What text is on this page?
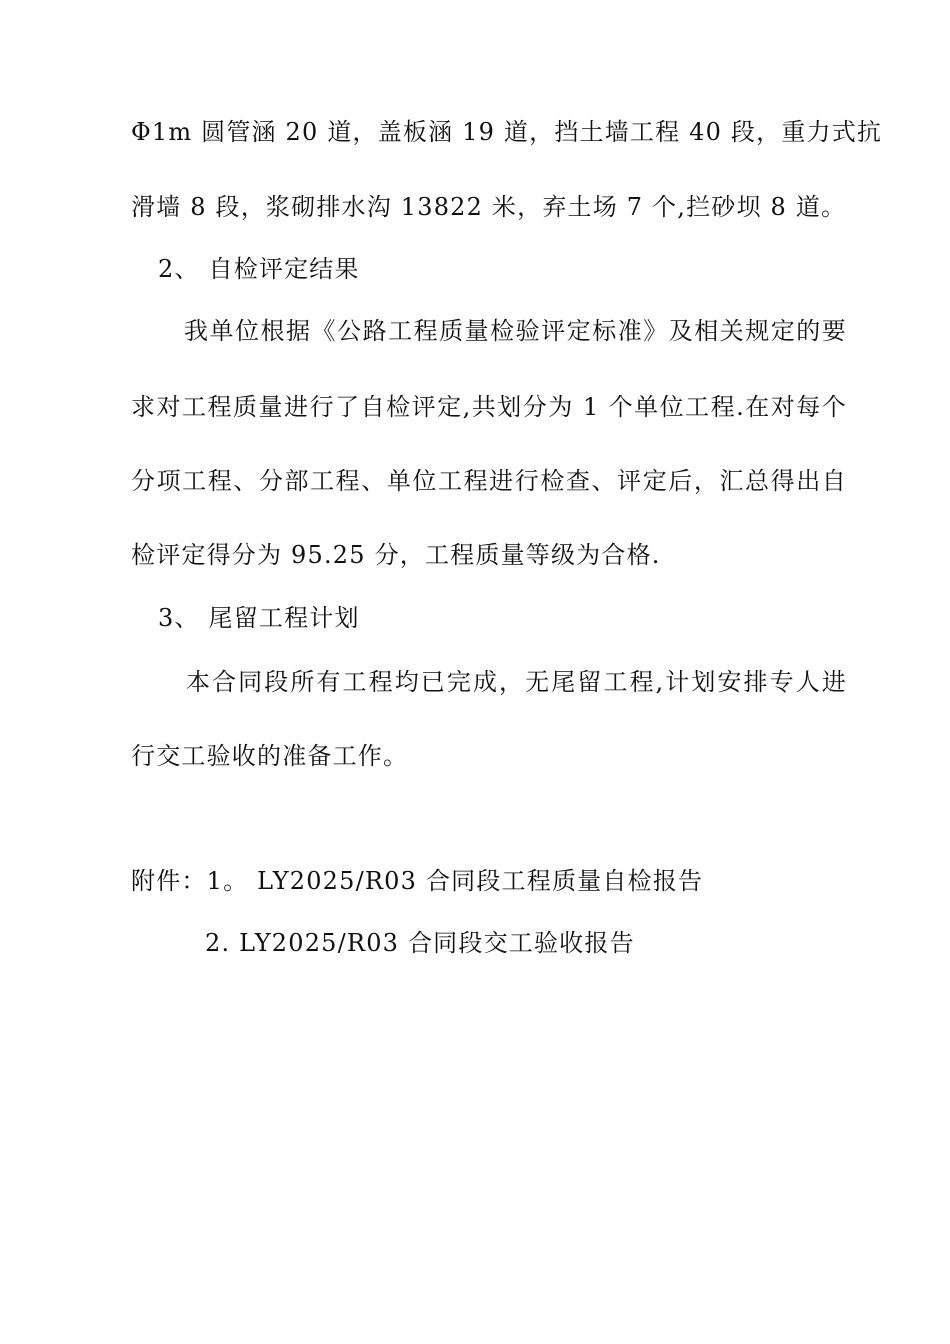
Φ1m 圆管涵 20 道，盖板涵 19 道，挡土墙工程 40 段，重力式抗
滑墙 8 段，浆砌排水沟 13822 米，弃土场 7 个,拦砂坝 8 道。
2、 自检评定结果
我单位根据《公路工程质量检验评定标准》及相关规定的要
求对工程质量进行了自检评定,共划分为 1 个单位工程.在对每个
分项工程、分部工程、单位工程进行检查、评定后，汇总得出自
检评定得分为 95.25 分，工程质量等级为合格.
3、 尾留工程计划
本合同段所有工程均已完成，无尾留工程,计划安排专人进
行交工验收的准备工作。
附件：1。 LY2025/R03 合同段工程质量自检报告
2. LY2025/R03 合同段交工验收报告
